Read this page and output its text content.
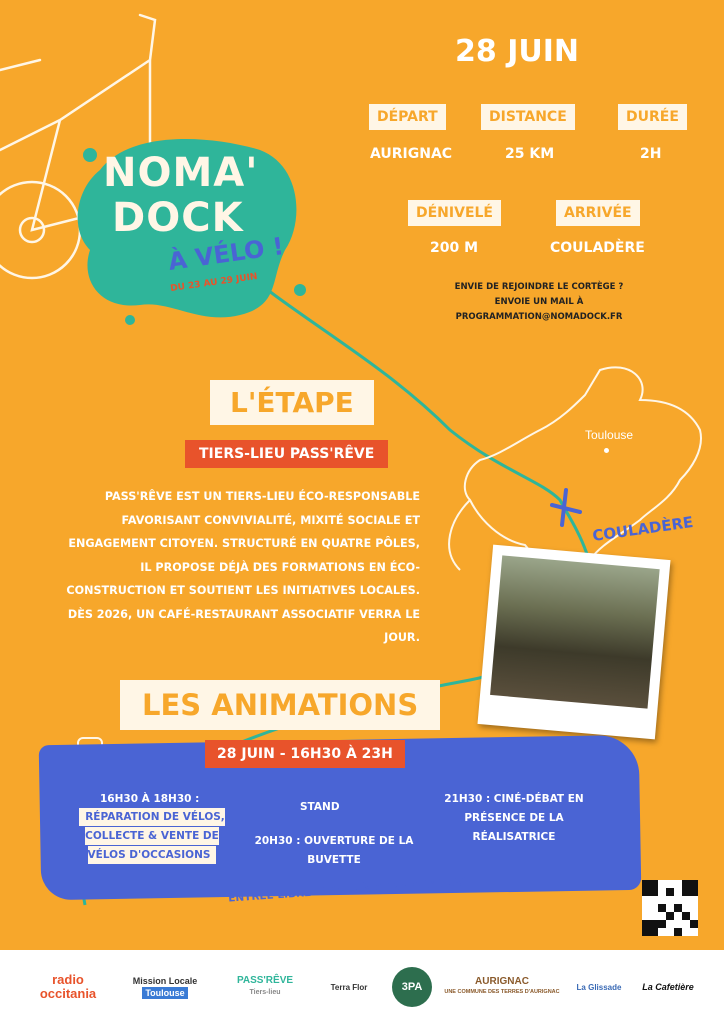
NOMA'
DOCK
À VÉLO !
DU 23 AU 29 JUIN
28 JUIN
DÉPART
AURIGNAC
DISTANCE
25 KM
DURÉE
2H
DÉNIVELÉ
200 M
ARRIVÉE
COULADÈRE
ENVIE DE REJOINDRE LE CORTÈGE ?
ENVOIE UN MAIL À PROGRAMMATION@NOMADOCK.FR
L'ÉTAPE
TIERS-LIEU PASS'RÊVE
PASS'RÊVE EST UN TIERS-LIEU ÉCO-RESPONSABLE FAVORISANT CONVIVIALITÉ, MIXITÉ SOCIALE ET ENGAGEMENT CITOYEN. STRUCTURÉ EN QUATRE PÔLES, IL PROPOSE DÉJÀ DES FORMATIONS EN ÉCO-CONSTRUCTION ET SOUTIENT LES INITIATIVES LOCALES. DÈS 2026, UN CAFÉ-RESTAURANT ASSOCIATIF VERRA LE JOUR.
Toulouse
COULADÈRE
LES ANIMATIONS
28 JUIN - 16H30 À 23H
16H30 À 18H30 :
RÉPARATION DE VÉLOS, COLLECTE & VENTE DE VÉLOS D'OCCASIONS
STAND
20H30 : OUVERTURE DE LA BUVETTE
21H30 : CINÉ-DÉBAT EN PRÉSENCE DE LA RÉALISATRICE
ENTRÉE LIBRE - BOITE À DONS SUR PLACE
radio
occitania
Mission Locale
Toulouse
PASS'RÊVE
Tiers-lieu
Terra Flor	3PA	AURIGNAC
UNE COMMUNE DES TERRES D'AURIGNAC
La Glissade La Cafetière
